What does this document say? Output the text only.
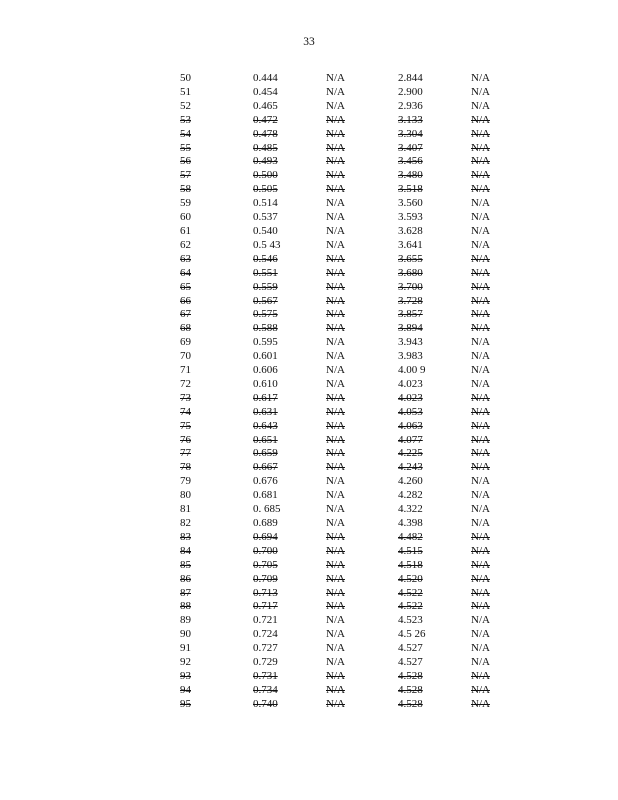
33
50	0.444	N/A	2.844	N/A
51	0.454	N/A	2.900	N/A
52	0.465	N/A	2.936	N/A
53	0.472	N/A	3.133	N/A
54	0.478	N/A	3.304	N/A
55	0.485	N/A	3.407	N/A
56	0.493	N/A	3.456	N/A
57	0.500	N/A	3.480	N/A
58	0.505	N/A	3.518	N/A
59	0.514	N/A	3.560	N/A
60	0.537	N/A	3.593	N/A
61	0.540	N/A	3.628	N/A
62	0.5 43	N/A	3.641	N/A
63	0.546	N/A	3.655	N/A
64	0.551	N/A	3.680	N/A
65	0.559	N/A	3.700	N/A
66	0.567	N/A	3.728	N/A
67	0.575	N/A	3.857	N/A
68	0.588	N/A	3.894	N/A
69	0.595	N/A	3.943	N/A
70	0.601	N/A	3.983	N/A
71	0.606	N/A	4.00 9	N/A
72	0.610	N/A	4.023	N/A
73	0.617	N/A	4.023	N/A
74	0.631	N/A	4.053	N/A
75	0.643	N/A	4.063	N/A
76	0.651	N/A	4.077	N/A
77	0.659	N/A	4.225	N/A
78	0.667	N/A	4.243	N/A
79	0.676	N/A	4.260	N/A
80	0.681	N/A	4.282	N/A
81	0. 685	N/A	4.322	N/A
82	0.689	N/A	4.398	N/A
83	0.694	N/A	4.482	N/A
84	0.700	N/A	4.515	N/A
85	0.705	N/A	4.518	N/A
86	0.709	N/A	4.520	N/A
87	0.713	N/A	4.522	N/A
88	0.717	N/A	4.522	N/A
89	0.721	N/A	4.523	N/A
90	0.724	N/A	4.5 26	N/A
91	0.727	N/A	4.527	N/A
92	0.729	N/A	4.527	N/A
93	0.731	N/A	4.528	N/A
94	0.734	N/A	4.528	N/A
95	0.740	N/A	4.528	N/A
